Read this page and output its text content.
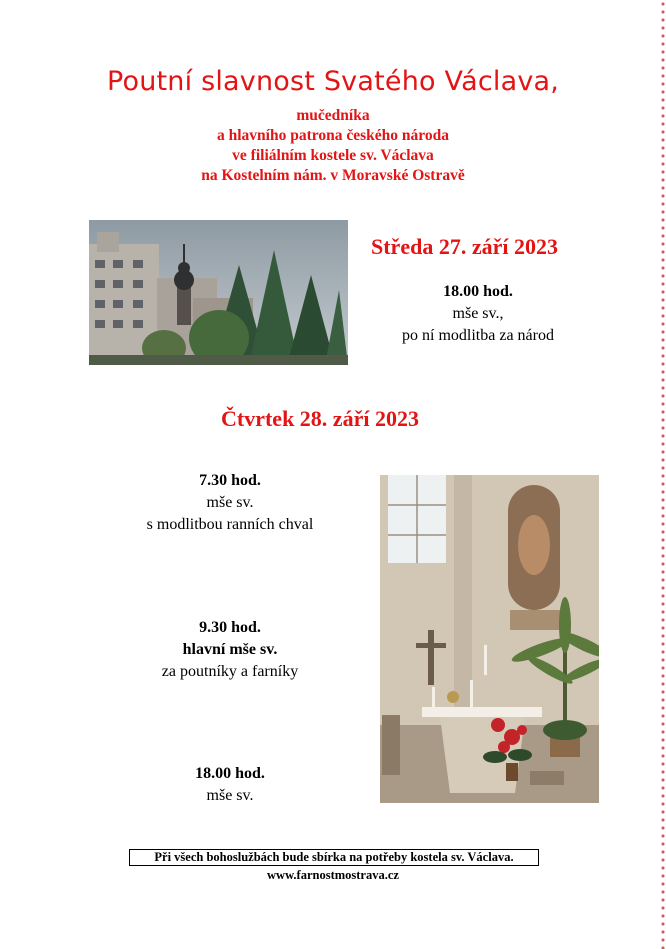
Poutní slavnost Svatého Václava,
mučedníka
a hlavního patrona českého národa
ve filiálním kostele sv. Václava
na Kostelním nám. v Moravské Ostravě
Středa 27. září 2023
18.00 hod.
mše sv.,
po ní modlitba za národ
Čtvrtek 28. září 2023
7.30 hod.
mše sv.
s modlitbou ranních chval
9.30 hod.
hlavní mše sv.
za poutníky a farníky
18.00 hod.
mše sv.
Při všech bohoslužbách bude sbírka na potřeby kostela sv. Václava.
www.farnostmostrava.cz
